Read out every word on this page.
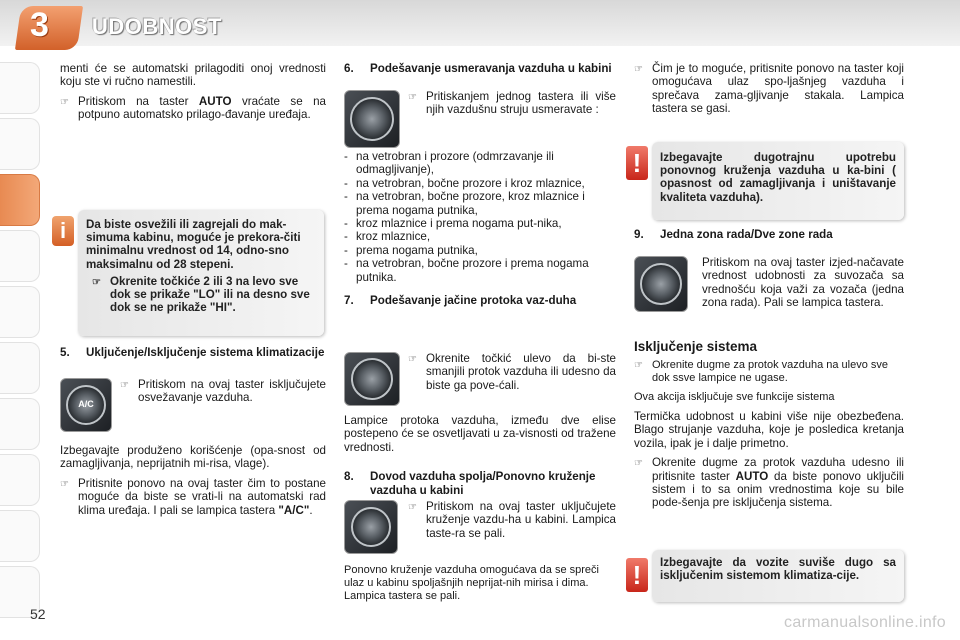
3 UDOBNOST

menti će se automatski prilagoditi onoj vrednosti koju ste vi ručno namestili.

☞ Pritiskom na taster AUTO vraćate se na potpuno automatsko prilago-đavanje uređaja.
i	Da biste osvežili ili zagrejali do mak-simuma kabinu, moguće je prekora-čiti minimalnu vrednost od 14, odno-sno maksimalnu od 28 stepeni.
☞ Okrenite točkiće 2 ili 3 na levo sve dok se prikaže "LO" ili na desno sve dok se ne prikaže "HI".
5.	Uključenje/Isključenje sistema klimatizacije
A/C
☞ Pritiskom na ovaj taster isključujete osvežavanje vazduha.

Izbegavajte produženo korišćenje (opa-snost od zamagljivanja, neprijatnih mi-risa, vlage).

☞ Pritisnite ponovo na ovaj taster čim to postane moguće da biste se vrati-li na automatski rad klima uređaja. I pali se lampica tastera "A/C".
6.	Podešavanje usmeravanja vazduha u kabini
☞ Pritiskanjem jednog tastera ili više njih vazdušnu struju usmeravate :
- na vetrobran i prozore (odmrzavanje ili odmagljivanje),
- na vetrobran, bočne prozore i kroz mlaznice,
- na vetrobran, bočne prozore, kroz mlaznice i prema nogama putnika,
- kroz mlaznice i prema nogama put-nika,
- kroz mlaznice,
- prema nogama putnika,
- na vetrobran, bočne prozore i prema nogama putnika.
7.	Podešavanje jačine protoka vaz-duha
☞ Okrenite točkić ulevo da bi-ste smanjili protok vazduha ili udesno da biste ga pove-ćali.

Lampice protoka vazduha, između dve elise postepeno će se osvetljavati u za-visnosti od tražene vrednosti.

8.	Dovod vazduha spolja/Ponovno kruženje vazduha u kabini
☞ Pritiskom na ovaj taster uključujete kruženje vazdu-ha u kabini. Lampica taste-ra se pali.

Ponovno kruženje vazduha omogućava da se spreči ulaz u kabinu spoljašnjih neprijat-nih mirisa i dima. Lampica tastera se pali.

☞ Čim je to moguće, pritisnite ponovo na taster koji omogućava ulaz spo-ljašnjeg vazduha i sprečava zama-gljivanje stakala. Lampica tastera se gasi.
!	Izbegavajte dugotrajnu upotrebu ponovnog kruženja vazduha u ka-bini ( opasnost od zamagljivanja i uništavanje kvaliteta vazduha).
9.	Jedna zona rada/Dve zone rada

Pritiskom na ovaj taster izjed-načavate vrednost udobnosti za suvozača sa vrednošću koja važi za vozača (jedna zona rada). Pali se lampica tastera.

Isključenje sistema
☞ Okrenite dugme za protok vazduha na ulevo sve dok ssve lampice ne ugase.

Ova akcija isključuje sve funkcije sistema

Termička udobnost u kabini više nije obezbeđena. Blago strujanje vazduha, koje je posledica kretanja vozila, ipak je i dalje primetno.

☞ Okrenite dugme za protok vazduha udesno ili pritisnite taster AUTO da biste ponovo uključili sistem i to sa onim vrednostima koje su bile pode-šenja pre isključenja sistema.
!	Izbegavajte da vozite suviše dugo sa isključenim sistemom klimatiza-cije.
52	carmanualsonline.info
